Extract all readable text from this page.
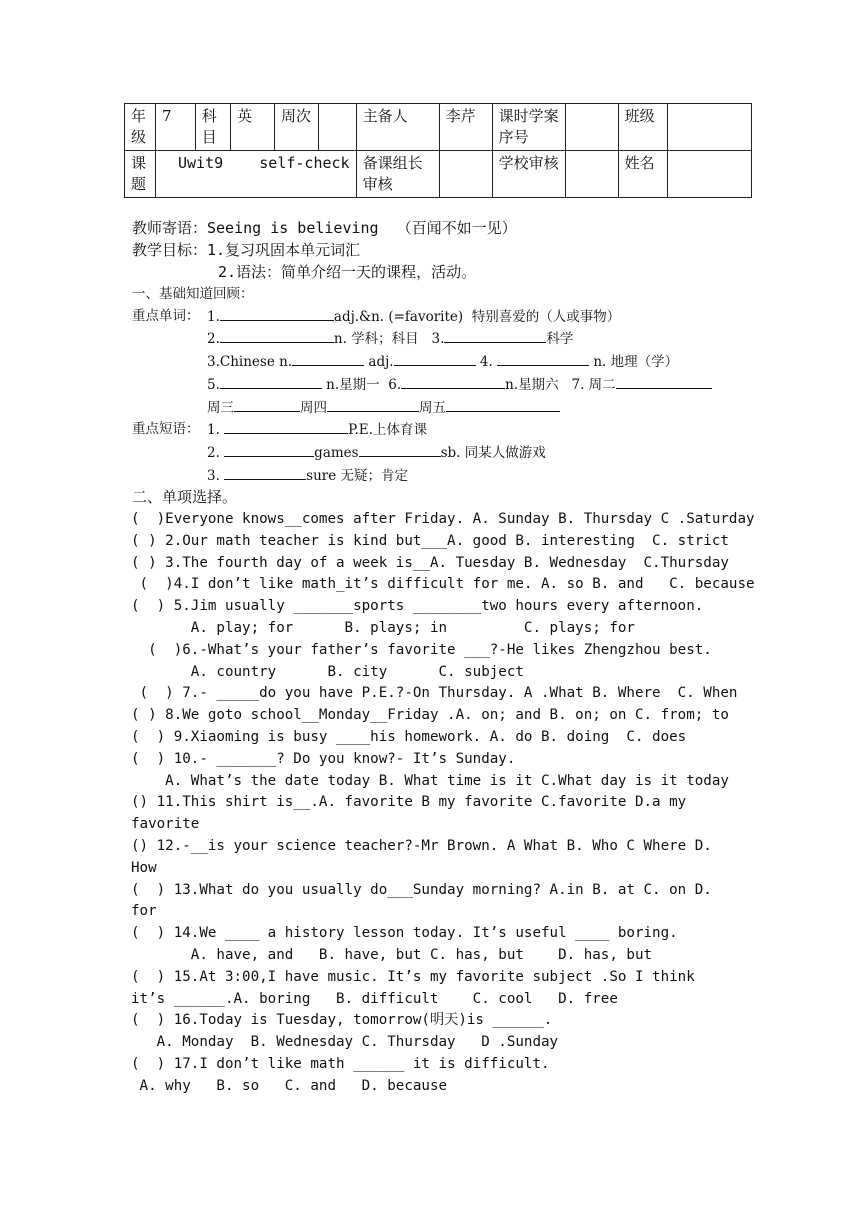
年级	7	科目	英	周次		主备人	李芹	课时学案序号		班级	
课题	Uwit9    self-check					备课组长审核		学校审核		姓名	
教师寄语：Seeing is believing  （百闻不如一见）
教学目标：1.复习巩固本单元词汇
2.语法：简单介绍一天的课程，活动。
一、基础知道回顾：
重点单词： 1.	adj.&n. (=favorite)  特别喜爱的（人或事物）
2.	n. 学科；科目   3.	科学
3.Chinese n.	adj.	4.	n. 地理（学）
5.	n.星期一  6.	n.星期六   7. 周二
周三	周四	周五
重点短语： 1.	P.E.上体育课
2.	games	sb. 同某人做游戏
3.	sure 无疑；肯定
二、单项选择。
(  )Everyone knows__comes after Friday. A. Sunday B. Thursday C .Saturday
( ) 2.Our math teacher is kind but___A. good B. interesting  C. strict
( ) 3.The fourth day of a week is__A. Tuesday B. Wednesday  C.Thursday
(  )4.I don’t like math_it’s difficult for me. A. so B. and   C. because
(  ) 5.Jim usually _______sports ________two hours every afternoon.
A. play; for      B. plays; in         C. plays; for
(  )6.-What’s your father’s favorite ___?-He likes Zhengzhou best.
A. country      B. city      C. subject
(  ) 7.- _____do you have P.E.?-On Thursday. A .What B. Where  C. When
( ) 8.We goto school__Monday__Friday .A. on; and B. on; on C. from; to
(  ) 9.Xiaoming is busy ____his homework. A. do B. doing  C. does
(  ) 10.- _______? Do you know?- It’s Sunday.
A. What’s the date today B. What time is it C.What day is it today
() 11.This shirt is__.A. favorite B my favorite C.favorite D.a my
favorite
() 12.-__is your science teacher?-Mr Brown. A What B. Who C Where D.
How
(  ) 13.What do you usually do___Sunday morning? A.in B. at C. on D.
for
(  ) 14.We ____ a history lesson today. It’s useful ____ boring.
A. have, and   B. have, but C. has, but    D. has, but
(  ) 15.At 3:00,I have music. It’s my favorite subject .So I think
it’s ______.A. boring   B. difficult    C. cool   D. free
(  ) 16.Today is Tuesday, tomorrow(明天)is ______.
A. Monday  B. Wednesday C. Thursday   D .Sunday
(  ) 17.I don’t like math ______ it is difficult.
A. why   B. so   C. and   D. because
